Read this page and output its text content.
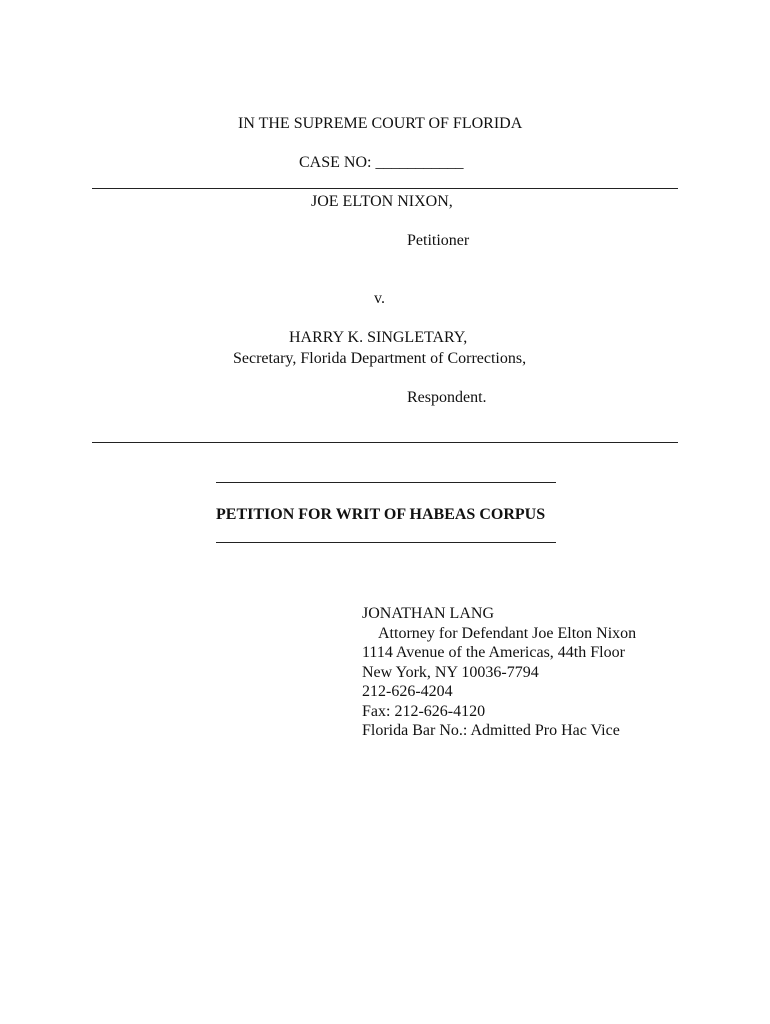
IN THE SUPREME COURT OF FLORIDA
CASE NO: ___________
JOE ELTON NIXON,
Petitioner
v.
HARRY K. SINGLETARY,
Secretary, Florida Department of Corrections,
Respondent.
PETITION FOR WRIT OF HABEAS CORPUS
JONATHAN LANG
Attorney for Defendant Joe Elton Nixon
1114 Avenue of the Americas, 44th Floor
New York, NY 10036-7794
212-626-4204
Fax: 212-626-4120
Florida Bar No.: Admitted Pro Hac Vice
